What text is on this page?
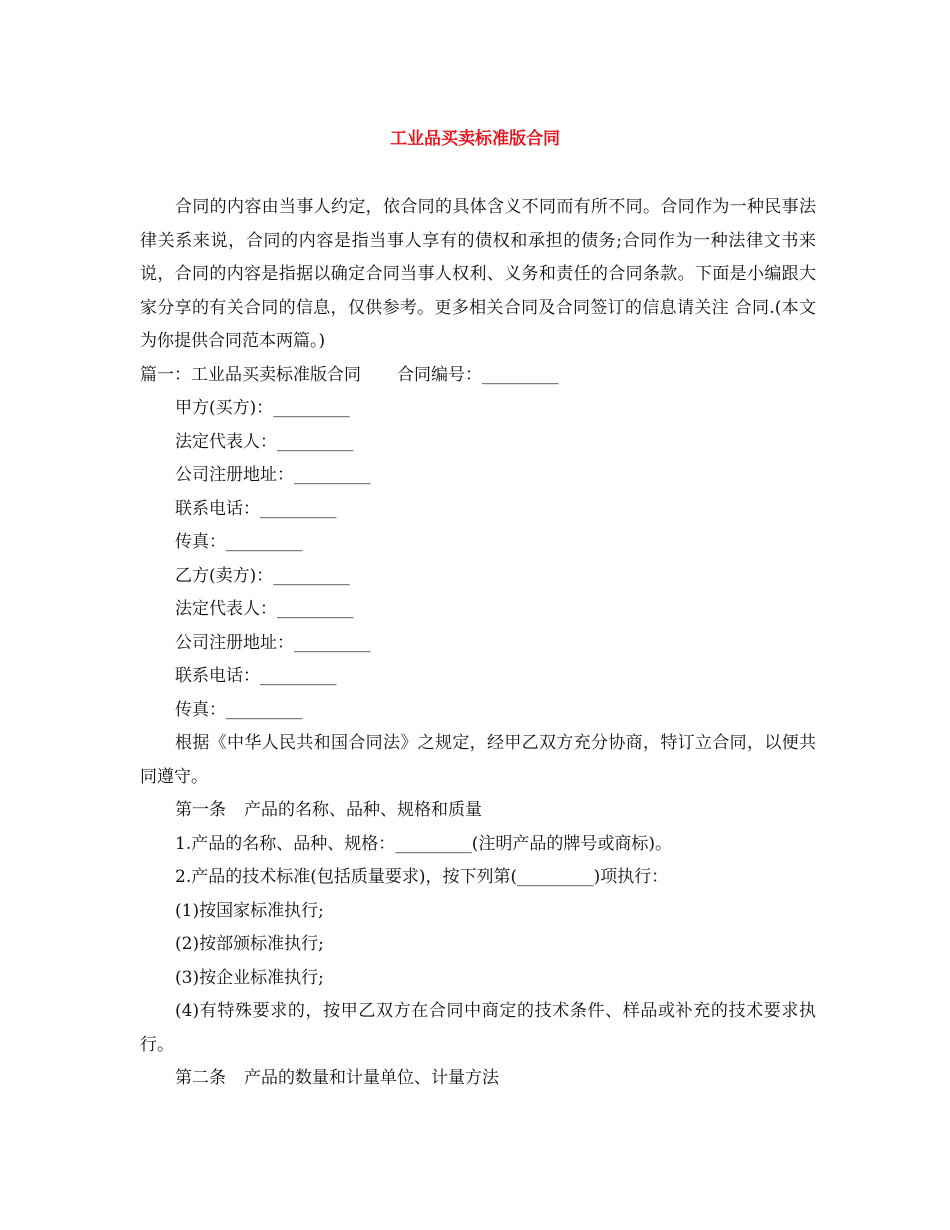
工业品买卖标准版合同

合同的内容由当事人约定，依合同的具体含义不同而有所不同。合同作为一种民事法律关系来说，合同的内容是指当事人享有的债权和承担的债务;合同作为一种法律文书来说，合同的内容是指据以确定合同当事人权利、义务和责任的合同条款。下面是小编跟大家分享的有关合同的信息，仅供参考。更多相关合同及合同签订的信息请关注 合同.(本文为你提供合同范本两篇。)

篇一：工业品买卖标准版合同 合同编号：_________

甲方(买方)：_________

法定代表人：_________

公司注册地址：_________

联系电话：_________

传真：_________

乙方(卖方)：_________

法定代表人：_________

公司注册地址：_________

联系电话：_________

传真：_________

根据《中华人民共和国合同法》之规定，经甲乙双方充分协商，特订立合同，以便共同遵守。

第一条 产品的名称、品种、规格和质量

1.产品的名称、品种、规格：_________(注明产品的牌号或商标)。

2.产品的技术标准(包括质量要求)，按下列第(_________)项执行：

(1)按国家标准执行;

(2)按部颁标准执行;

(3)按企业标准执行;

(4)有特殊要求的，按甲乙双方在合同中商定的技术条件、样品或补充的技术要求执行。

第二条 产品的数量和计量单位、计量方法
